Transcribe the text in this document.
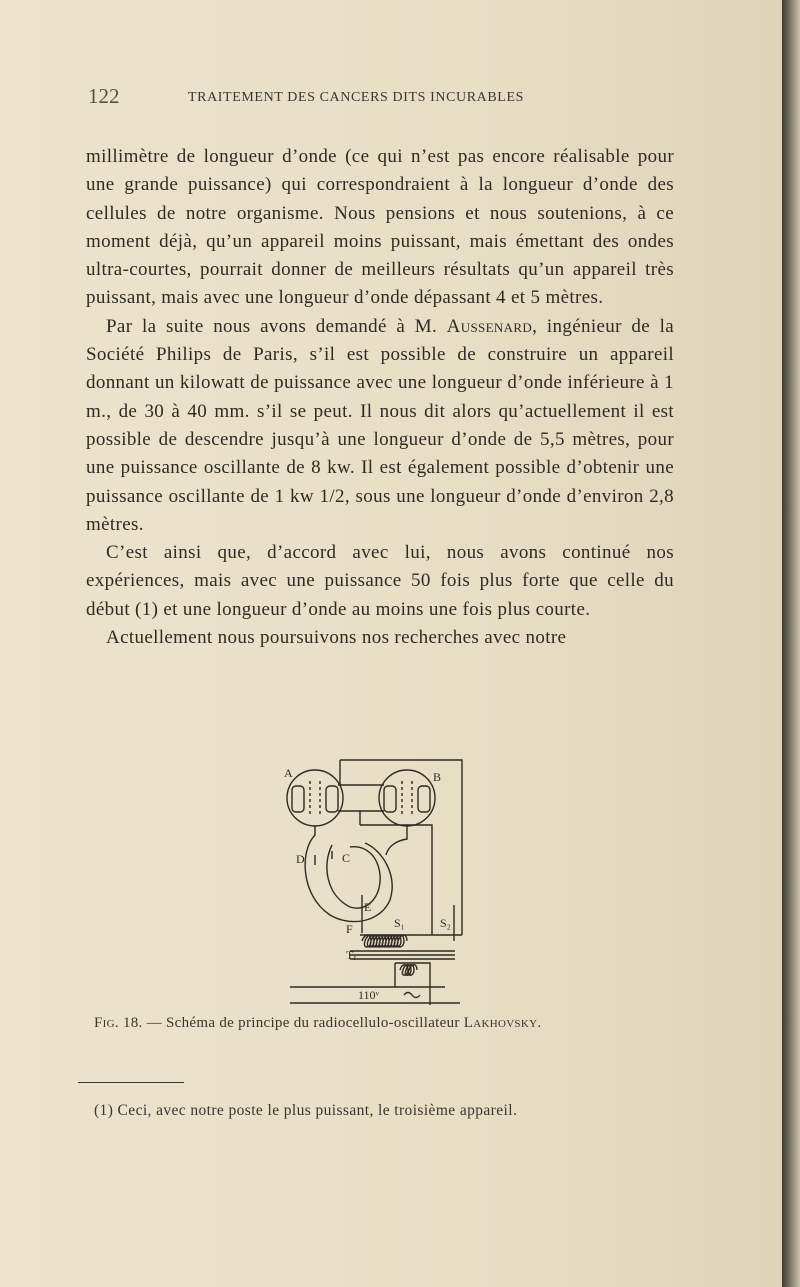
122	TRAITEMENT DES CANCERS DITS INCURABLES

millimètre de longueur d’onde (ce qui n’est pas encore réalisable pour une grande puissance) qui correspondraient à la longueur d’onde des cellules de notre organisme. Nous pensions et nous soutenions, à ce moment déjà, qu’un appareil moins puissant, mais émettant des ondes ultra-courtes, pourrait donner de meilleurs résultats qu’un appareil très puissant, mais avec une longueur d’onde dépassant 4 et 5 mètres.

Par la suite nous avons demandé à M. Aussenard, ingénieur de la Société Philips de Paris, s’il est possible de construire un appareil donnant un kilowatt de puissance avec une longueur d’onde inférieure à 1 m., de 30 à 40 mm. s’il se peut. Il nous dit alors qu’actuellement il est possible de descendre jusqu’à une longueur d’onde de 5,5 mètres, pour une puissance oscillante de 8 kw. Il est également possible d’obtenir une puissance oscillante de 1 kw 1/2, sous une longueur d’onde d’environ 2,8 mètres.

C’est ainsi que, d’accord avec lui, nous avons continué nos expériences, mais avec une puissance 50 fois plus forte que celle du début (1) et une longueur d’onde au moins une fois plus courte.

Actuellement nous poursuivons nos recherches avec notre

A	B
C
D
E
F	S₁	S₂
Tᵣ
110ᵛ
Fig. 18. — Schéma de principe du radiocellulo-oscillateur Lakhovsky.
(1) Ceci, avec notre poste le plus puissant, le troisième appareil.
